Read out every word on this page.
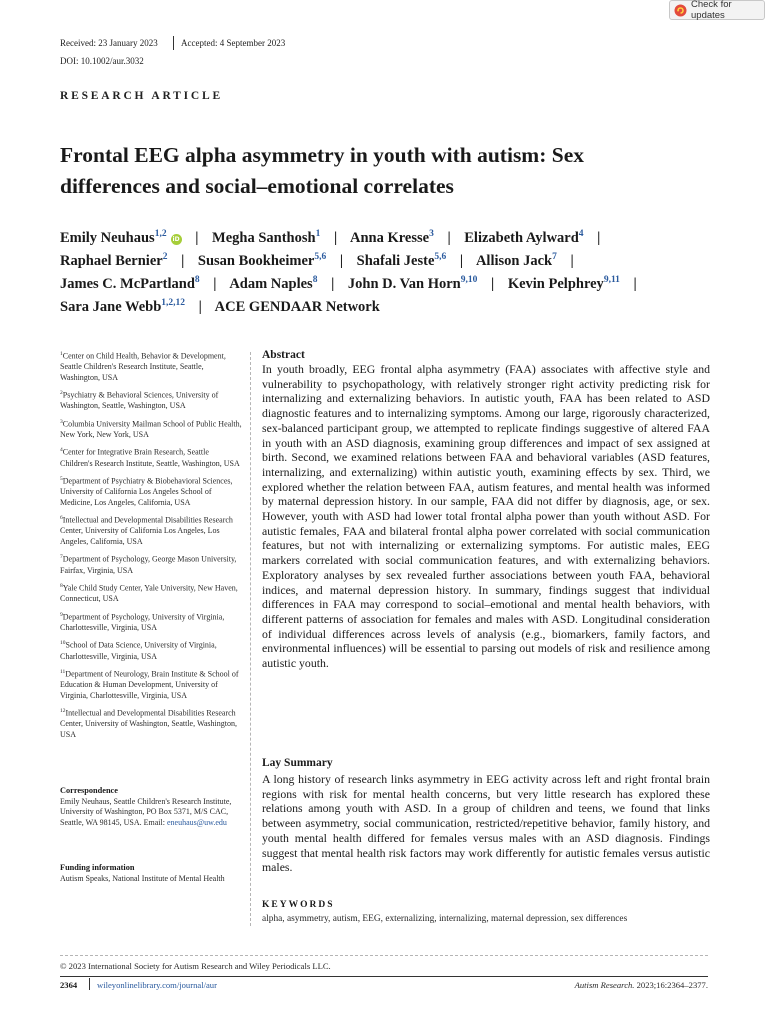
Check for updates
Received: 23 January 2023	Accepted: 4 September 2023
DOI: 10.1002/aur.3032
RESEARCH ARTICLE
Frontal EEG alpha asymmetry in youth with autism: Sex differences and social–emotional correlates
Emily Neuhaus$^{1,2}$iD | Megha Santhosh$^1$ | Anna Kresse$^3$ | Elizabeth Aylward$^4$ |
Raphael Bernier$^2$ | Susan Bookheimer$^{5,6}$ | Shafali Jeste$^{5,6}$ | Allison Jack$^7$ |
James C. McPartland$^8$ | Adam Naples$^8$ | John D. Van Horn$^{9,10}$ | Kevin Pelphrey$^{9,11}$ |
Sara Jane Webb$^{1,2,12}$ | ACE GENDAAR Network
$^1$Center on Child Health, Behavior & Development, Seattle Children's Research Institute, Seattle, Washington, USA
$^2$Psychiatry & Behavioral Sciences, University of Washington, Seattle, Washington, USA
$^3$Columbia University Mailman School of Public Health, New York, New York, USA
$^4$Center for Integrative Brain Research, Seattle Children's Research Institute, Seattle, Washington, USA
$^5$Department of Psychiatry & Biobehavioral Sciences, University of California Los Angeles School of Medicine, Los Angeles, California, USA
$^6$Intellectual and Developmental Disabilities Research Center, University of California Los Angeles, Los Angeles, California, USA
$^7$Department of Psychology, George Mason University, Fairfax, Virginia, USA
$^8$Yale Child Study Center, Yale University, New Haven, Connecticut, USA
$^9$Department of Psychology, University of Virginia, Charlottesville, Virginia, USA
$^{10}$School of Data Science, University of Virginia, Charlottesville, Virginia, USA
$^{11}$Department of Neurology, Brain Institute & School of Education & Human Development, University of Virginia, Charlottesville, Virginia, USA
$^{12}$Intellectual and Developmental Disabilities Research Center, University of Washington, Seattle, Washington, USA
Correspondence
Emily Neuhaus, Seattle Children's Research Institute, University of Washington, PO Box 5371, M/S CAC, Seattle, WA 98145, USA. Email: eneuhaus@uw.edu
Funding information
Autism Speaks, National Institute of Mental Health
Abstract

In youth broadly, EEG frontal alpha asymmetry (FAA) associates with affective style and vulnerability to psychopathology, with relatively stronger right activity predicting risk for internalizing and externalizing behaviors. In autistic youth, FAA has been related to ASD diagnostic features and to internalizing symptoms. Among our large, rigorously characterized, sex-balanced participant group, we attempted to replicate findings suggestive of altered FAA in youth with an ASD diagnosis, examining group differences and impact of sex assigned at birth. Second, we examined relations between FAA and behavioral variables (ASD features, internalizing, and externalizing) within autistic youth, examining effects by sex. Third, we explored whether the relation between FAA, autism features, and mental health was informed by maternal depression history. In our sample, FAA did not differ by diagnosis, age, or sex. However, youth with ASD had lower total frontal alpha power than youth without ASD. For autistic females, FAA and bilateral frontal alpha power correlated with social communication features, but not with internalizing or externalizing symptoms. For autistic males, EEG markers correlated with social communication features, and with externalizing behaviors. Exploratory analyses by sex revealed further associations between youth FAA, behavioral indices, and maternal depression history. In summary, findings suggest that individual differences in FAA may correspond to social–emotional and mental health behaviors, with different patterns of association for females and males with ASD. Longitudinal consideration of individual differences across levels of analysis (e.g., biomarkers, family factors, and environmental influences) will be essential to parsing out models of risk and resilience among autistic youth.

Lay Summary

A long history of research links asymmetry in EEG activity across left and right frontal brain regions with risk for mental health concerns, but very little research has explored these relations among youth with ASD. In a group of children and teens, we found that links between asymmetry, social communication, restricted/repetitive behavior, family history, and youth mental health differed for females versus males with an ASD diagnosis. Findings suggest that mental health risk factors may work differently for autistic females versus autistic males.

KEYWORDS
alpha, asymmetry, autism, EEG, externalizing, internalizing, maternal depression, sex differences
© 2023 International Society for Autism Research and Wiley Periodicals LLC.
2364 wileyonlinelibrary.com/journal/aur	Autism Research. 2023;16:2364–2377.
